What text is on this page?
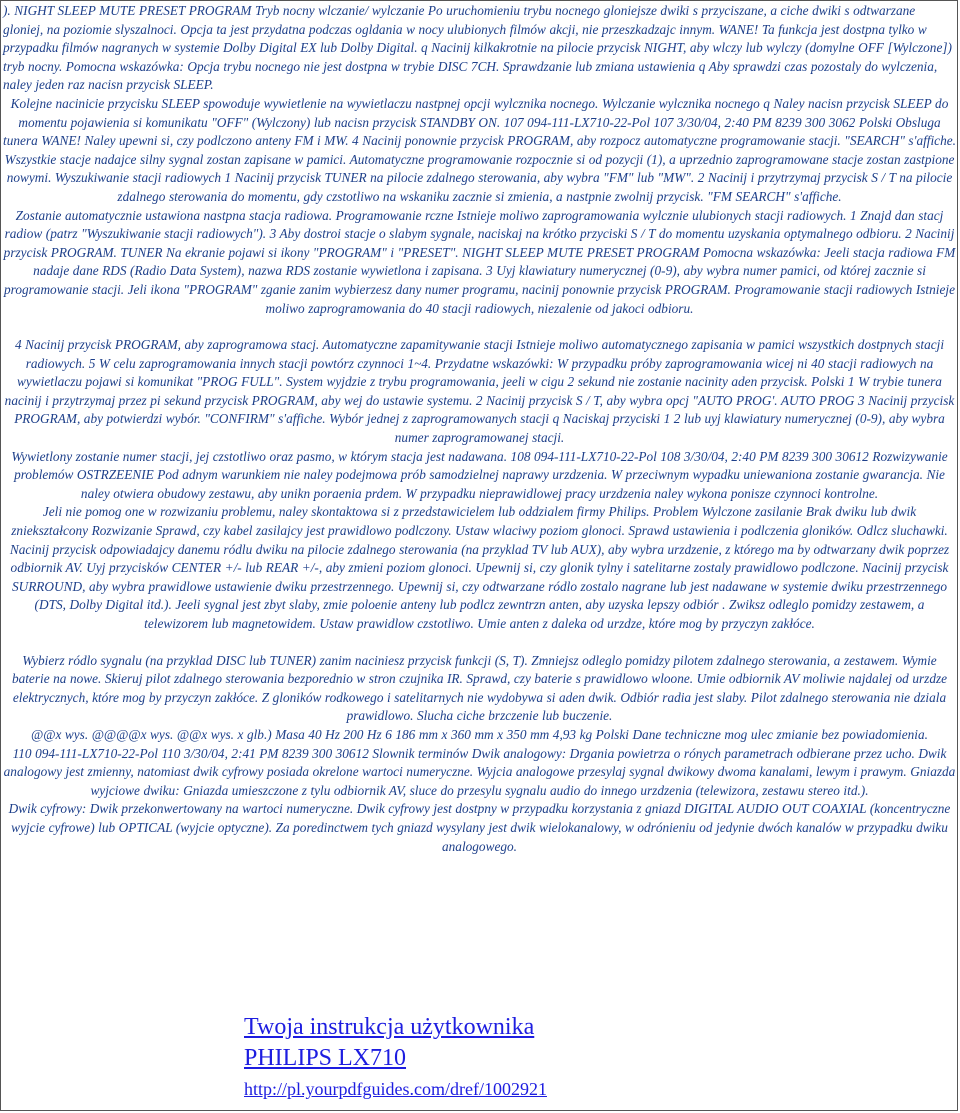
). NIGHT SLEEP MUTE PRESET PROGRAM Tryb nocny wlczanie/ wylczanie Po uruchomieniu trybu nocnego gloniejsze dwiki s przyciszane, a ciche dwiki s odtwarzane gloniej, na poziomie slyszalnoci. Opcja ta jest przydatna podczas ogldania w nocy ulubionych filmów akcji, nie przeszkadzajc innym. WANE! Ta funkcja jest dostpna tylko w przypadku filmów nagranych w systemie Dolby Digital EX lub Dolby Digital. q Nacinij kilkakrotnie na pilocie przycisk NIGHT, aby wlczy lub wylczy (domylne OFF [Wylczone]) tryb nocny. Pomocna wskazówka: Opcja trybu nocnego nie jest dostpna w trybie DISC 7CH. Sprawdzanie lub zmiana ustawienia q Aby sprawdzi czas pozostaly do wylczenia, naley jeden raz nacisn przycisk SLEEP.

Kolejne nacinicie przycisku SLEEP spowoduje wywietlenie na wywietlaczu nastpnej opcji wylcznika nocnego. Wylczanie wylcznika nocnego q Naley nacisn przycisk SLEEP do momentu pojawienia si komunikatu "OFF" (Wylczony) lub nacisn przycisk STANDBY ON. 107 094-111-LX710-22-Pol 107 3/30/04, 2:40 PM 8239 300 3062 Polski Obsluga tunera WANE! Naley upewni si, czy podlczono anteny FM i MW. 4 Nacinij ponownie przycisk PROGRAM, aby rozpocz automatyczne programowanie stacji. "SEARCH" s'affiche.

Wszystkie stacje nadajce silny sygnal zostan zapisane w pamici. Automatyczne programowanie rozpocznie si od pozycji (1), a uprzednio zaprogramowane stacje zostan zastpione nowymi. Wyszukiwanie stacji radiowych 1 Nacinij przycisk TUNER na pilocie zdalnego sterowania, aby wybra "FM" lub "MW". 2 Nacinij i przytrzymaj przycisk S / T na pilocie zdalnego sterowania do momentu, gdy czstotliwo na wskaniku zacznie si zmienia, a nastpnie zwolnij przycisk. "FM SEARCH" s'affiche.

Zostanie automatycznie ustawiona nastpna stacja radiowa. Programowanie rczne Istnieje moliwo zaprogramowania wylcznie ulubionych stacji radiowych. 1 Znajd dan stacj radiow (patrz "Wyszukiwanie stacji radiowych"). 3 Aby dostroi stacje o slabym sygnale, naciskaj na krótko przyciski S / T do momentu uzyskania optymalnego odbioru. 2 Nacinij przycisk PROGRAM. TUNER Na ekranie pojawi si ikony "PROGRAM" i "PRESET". NIGHT SLEEP MUTE PRESET PROGRAM Pomocna wskazówka: Jeeli stacja radiowa FM nadaje dane RDS (Radio Data System), nazwa RDS zostanie wywietlona i zapisana. 3 Uyj klawiatury numerycznej (0-9), aby wybra numer pamici, od której zacznie si programowanie stacji. Jeli ikona "PROGRAM" zganie zanim wybierzesz dany numer programu, nacinij ponownie przycisk PROGRAM. Programowanie stacji radiowych Istnieje moliwo zaprogramowania do 40 stacji radiowych, niezalenie od jakoci odbioru.

4 Nacinij przycisk PROGRAM, aby zaprogramowa stacj. Automatyczne zapamitywanie stacji Istnieje moliwo automatycznego zapisania w pamici wszystkich dostpnych stacji radiowych. 5 W celu zaprogramowania innych stacji powtórz czynnoci 1~4. Przydatne wskazówki: W przypadku próby zaprogramowania wicej ni 40 stacji radiowych na wywietlaczu pojawi si komunikat "PROG FULL". System wyjdzie z trybu programowania, jeeli w cigu 2 sekund nie zostanie nacinity aden przycisk. Polski 1 W trybie tunera nacinij i przytrzymaj przez pi sekund przycisk PROGRAM, aby wej do ustawie systemu. 2 Nacinij przycisk S / T, aby wybra opcj "AUTO PROG'. AUTO PROG 3 Nacinij przycisk PROGRAM, aby potwierdzi wybór. "CONFIRM" s'affiche. Wybór jednej z zaprogramowanych stacji q Naciskaj przyciski 1 2 lub uyj klawiatury numerycznej (0-9), aby wybra numer zaprogramowanej stacji.

Wywietlony zostanie numer stacji, jej czstotliwo oraz pasmo, w którym stacja jest nadawana. 108 094-111-LX710-22-Pol 108 3/30/04, 2:40 PM 8239 300 30612 Rozwizywanie problemów OSTRZEENIE Pod adnym warunkiem nie naley podejmowa prób samodzielnej naprawy urzdzenia. W przeciwnym wypadku uniewaniona zostanie gwarancja. Nie naley otwiera obudowy zestawu, aby unikn poraenia prdem. W przypadku nieprawidlowej pracy urzdzenia naley wykona ponisze czynnoci kontrolne.

Jeli nie pomog one w rozwizaniu problemu, naley skontaktowa si z przedstawicielem lub oddzialem firmy Philips. Problem Wylczone zasilanie Brak dwiku lub dwik zniekształcony Rozwizanie Sprawd, czy kabel zasilajcy jest prawidlowo podlczony. Ustaw wlaciwy poziom glonoci. Sprawd ustawienia i podlczenia gloników. Odlcz sluchawki.

Nacinij przycisk odpowiadajcy danemu ródlu dwiku na pilocie zdalnego sterowania (na przyklad TV lub AUX), aby wybra urzdzenie, z którego ma by odtwarzany dwik poprzez odbiornik AV. Uyj przycisków CENTER +/- lub REAR +/-, aby zmieni poziom glonoci. Upewnij si, czy glonik tylny i satelitarne zostaly prawidlowo podlczone. Nacinij przycisk SURROUND, aby wybra prawidlowe ustawienie dwiku przestrzennego. Upewnij si, czy odtwarzane ródlo zostalo nagrane lub jest nadawane w systemie dwiku przestrzennego (DTS, Dolby Digital itd.). Jeeli sygnal jest zbyt slaby, zmie poloenie anteny lub podlcz zewntrzn anten, aby uzyska lepszy odbiór . Zwiksz odleglo pomidzy zestawem, a telewizorem lub magnetowidem. Ustaw prawidlow czstotliwo. Umie anten z daleka od urzdze, które mog by przyczyn zakłóce.

Wybierz ródlo sygnalu (na przyklad DISC lub TUNER) zanim naciniesz przycisk funkcji (S, T). Zmniejsz odleglo pomidzy pilotem zdalnego sterowania, a zestawem. Wymie baterie na nowe. Skieruj pilot zdalnego sterowania bezporednio w stron czujnika IR. Sprawd, czy baterie s prawidlowo wloone. Umie odbiornik AV moliwie najdalej od urzdze elektrycznych, które mog by przyczyn zakłóce. Z gloników rodkowego i satelitarnych nie wydobywa si aden dwik. Odbiór radia jest slaby. Pilot zdalnego sterowania nie dziala prawidlowo. Slucha ciche brzczenie lub buczenie.

@@x wys. @@@@x wys. @@x wys. x glb.) Masa 40 Hz 200 Hz 6 186 mm x 360 mm x 350 mm 4,93 kg Polski Dane techniczne mog ulec zmianie bez powiadomienia.

110 094-111-LX710-22-Pol 110 3/30/04, 2:41 PM 8239 300 30612 Slownik terminów Dwik analogowy: Drgania powietrza o rónych parametrach odbierane przez ucho. Dwik analogowy jest zmienny, natomiast dwik cyfrowy posiada okrelone wartoci numeryczne. Wyjcia analogowe przesylaj sygnal dwikowy dwoma kanalami, lewym i prawym. Gniazda wyjciowe dwiku: Gniazda umieszczone z tylu odbiornik AV, sluce do przesylu sygnalu audio do innego urzdzenia (telewizora, zestawu stereo itd.).

Dwik cyfrowy: Dwik przekonwertowany na wartoci numeryczne. Dwik cyfrowy jest dostpny w przypadku korzystania z gniazd DIGITAL AUDIO OUT COAXIAL (koncentryczne wyjcie cyfrowe) lub OPTICAL (wyjcie optyczne). Za poredinctwem tych gniazd wysylany jest dwik wielokanalowy, w odrónieniu od jedynie dwóch kanalów w przypadku dwiku analogowego.

Twoja instrukcja użytkownika
PHILIPS LX710
http://pl.yourpdfguides.com/dref/1002921
